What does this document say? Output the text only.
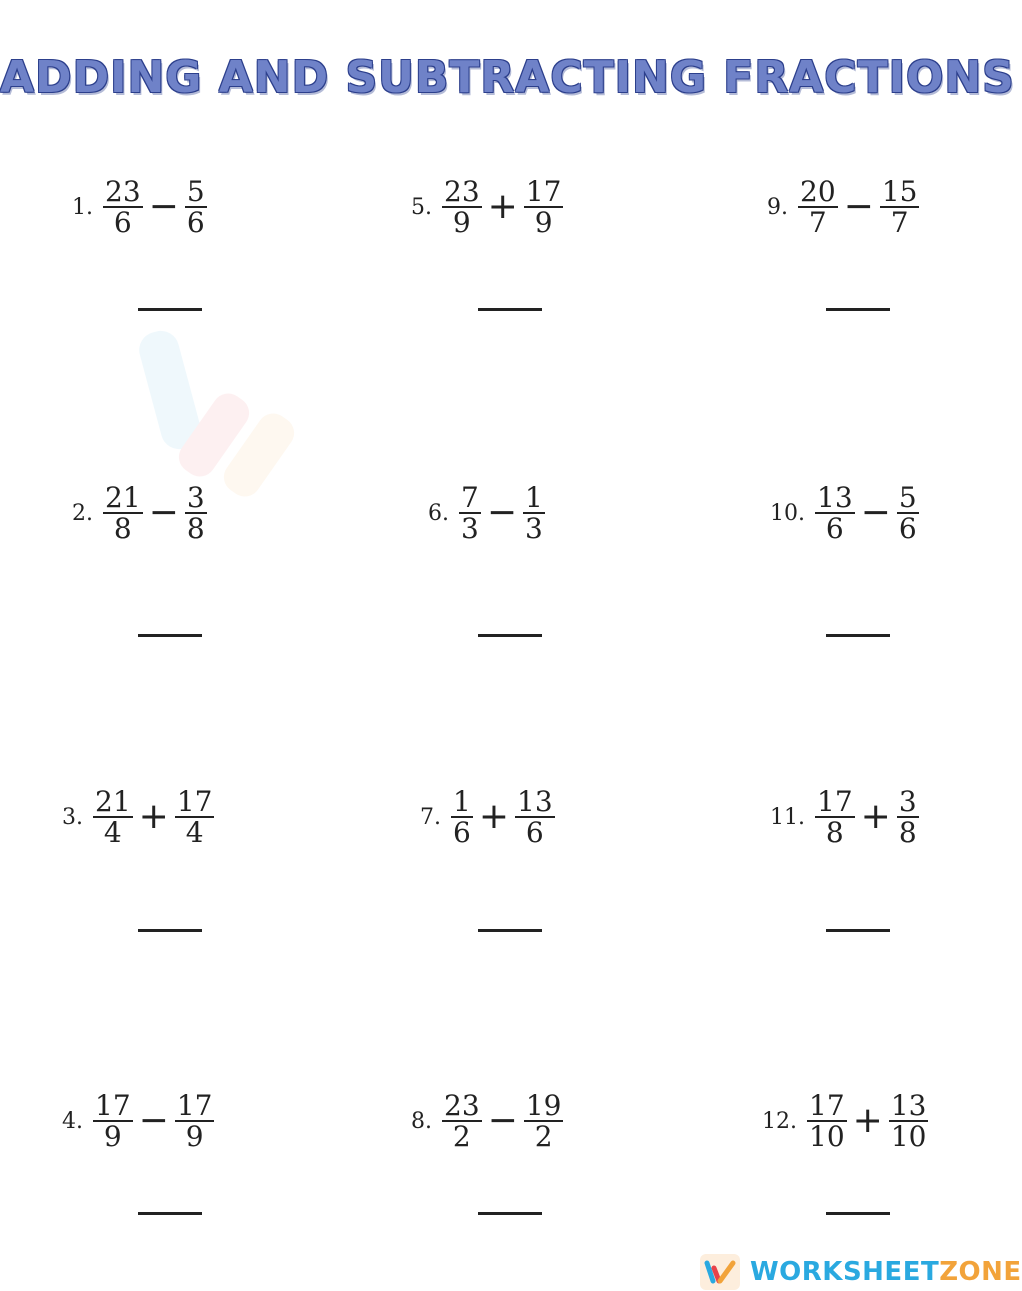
ADDING AND SUBTRACTING FRACTIONS
1. $\frac{23}{6} - \frac{5}{6}$
2. $\frac{21}{8} - \frac{3}{8}$
3. $\frac{21}{4} + \frac{17}{4}$
4. $\frac{17}{9} - \frac{17}{9}$
5. $\frac{23}{9} + \frac{17}{9}$
6. $\frac{7}{3} - \frac{1}{3}$
7. $\frac{1}{6} + \frac{13}{6}$
8. $\frac{23}{2} - \frac{19}{2}$
9. $\frac{20}{7} - \frac{15}{7}$
10. $\frac{13}{6} - \frac{5}{6}$
11. $\frac{17}{8} + \frac{3}{8}$
12. $\frac{17}{10} + \frac{13}{10}$
WORKSHEETZONE
